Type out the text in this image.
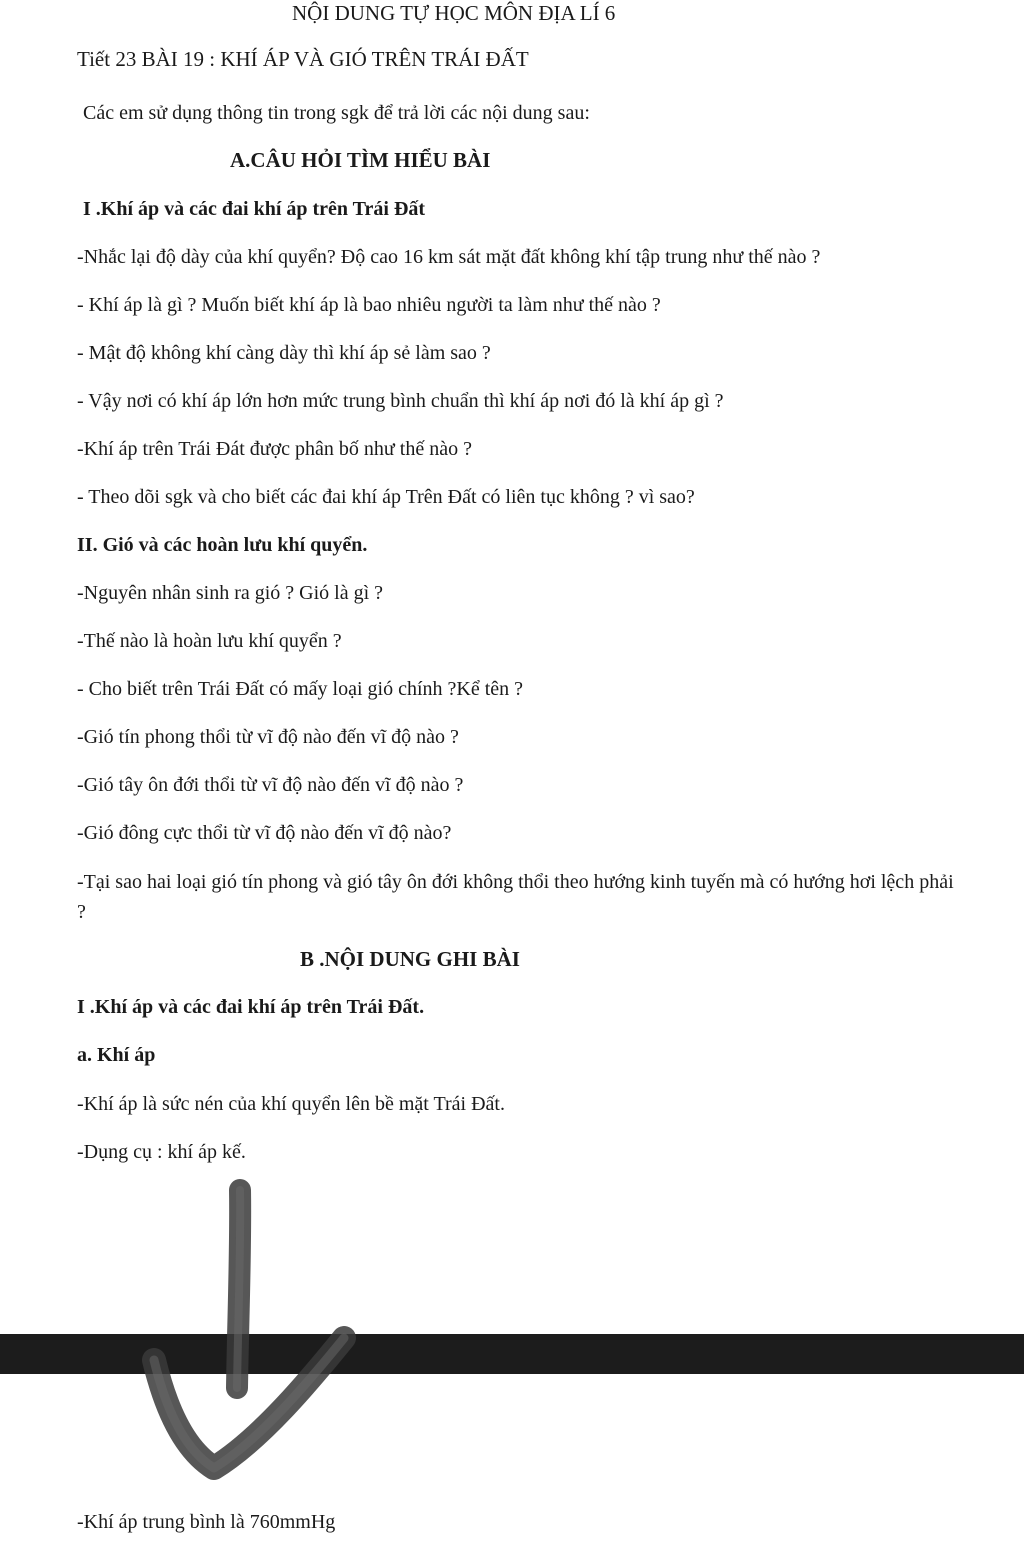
NỘI DUNG TỰ HỌC MÔN ĐỊA LÍ 6
Tiết 23 BÀI 19 : KHÍ ÁP VÀ GIÓ TRÊN TRÁI ĐẤT
Các em sử dụng thông tin trong sgk để trả lời các nội dung sau:
A.CÂU HỎI TÌM HIỂU BÀI
I .Khí áp và các đai khí áp trên Trái Đất
-Nhắc lại độ dày của khí quyển? Độ cao 16 km sát mặt đất không khí tập trung như thế nào ?
- Khí áp là gì ? Muốn biết khí áp là bao nhiêu người ta làm như thế nào ?
- Mật độ không khí càng dày thì khí áp sẻ làm sao ?
- Vậy nơi có khí áp lớn hơn mức trung bình chuẩn thì khí áp nơi đó là khí áp gì ?
-Khí áp trên Trái Đát được phân bố như thế nào ?
- Theo dõi sgk và cho biết các đai khí áp Trên Đất có liên tục không ? vì sao?
II. Gió và các hoàn lưu khí quyển.
-Nguyên nhân sinh ra gió ? Gió là gì ?
-Thế nào là hoàn lưu khí quyển ?
- Cho biết trên Trái Đất có mấy loại gió chính ?Kể tên ?
-Gió tín phong thổi từ vĩ độ nào đến vĩ độ nào ?
-Gió tây ôn đới thổi từ vĩ độ nào đến vĩ độ nào ?
-Gió đông cực thổi từ vĩ độ nào đến vĩ độ nào?
-Tại sao hai loại gió tín phong và gió tây ôn đới không thổi theo hướng kinh tuyến mà có hướng hơi lệch phải ?
B .NỘI DUNG GHI BÀI
I .Khí áp và các đai khí áp trên Trái Đất.
a. Khí áp
-Khí áp là sức nén của khí quyển lên bề mặt Trái Đất.
-Dụng cụ : khí áp kế.
-Khí áp trung bình là 760mmHg
